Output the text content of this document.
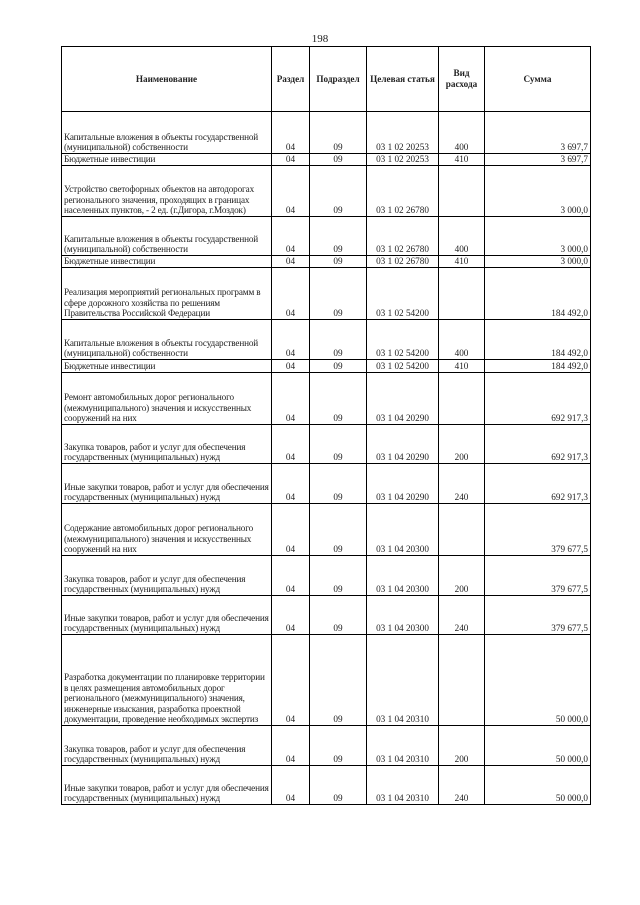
198
Наименование	Раздел	Подраздел	Целевая статья	Вид расхода	Сумма
Капитальные вложения в объекты государственной (муниципальной) собственности	04	09	03 1 02 20253	400	3 697,7
Бюджетные инвестиции	04	09	03 1 02 20253	410	3 697,7
Устройство светофорных объектов на автодорогах регионального значения, проходящих в границах населенных пунктов, - 2 ед. (г.Дигора, г.Моздок)	04	09	03 1 02 26780		3 000,0
Капитальные вложения в объекты государственной (муниципальной) собственности	04	09	03 1 02 26780	400	3 000,0
Бюджетные инвестиции	04	09	03 1 02 26780	410	3 000,0
Реализация мероприятий региональных программ в сфере дорожного хозяйства по решениям Правительства Российской Федерации	04	09	03 1 02 54200		184 492,0
Капитальные вложения в объекты государственной (муниципальной) собственности	04	09	03 1 02 54200	400	184 492,0
Бюджетные инвестиции	04	09	03 1 02 54200	410	184 492,0
Ремонт автомобильных дорог регионального (межмуниципального) значения и искусственных сооружений на них	04	09	03 1 04 20290		692 917,3
Закупка товаров, работ и услуг для обеспечения государственных (муниципальных) нужд	04	09	03 1 04 20290	200	692 917,3
Иные закупки товаров, работ и услуг для обеспечения государственных (муниципальных) нужд	04	09	03 1 04 20290	240	692 917,3
Содержание автомобильных дорог регионального (межмуниципального) значения и искусственных сооружений на них	04	09	03 1 04 20300		379 677,5
Закупка товаров, работ и услуг для обеспечения государственных (муниципальных) нужд	04	09	03 1 04 20300	200	379 677,5
Иные закупки товаров, работ и услуг для обеспечения государственных (муниципальных) нужд	04	09	03 1 04 20300	240	379 677,5
Разработка документации по планировке территории в целях размещения автомобильных дорог регионального (межмуниципального) значения, инженерные изыскания, разработка проектной документации, проведение необходимых экспертиз	04	09	03 1 04 20310		50 000,0
Закупка товаров, работ и услуг для обеспечения государственных (муниципальных) нужд	04	09	03 1 04 20310	200	50 000,0
Иные закупки товаров, работ и услуг для обеспечения государственных (муниципальных) нужд	04	09	03 1 04 20310	240	50 000,0
